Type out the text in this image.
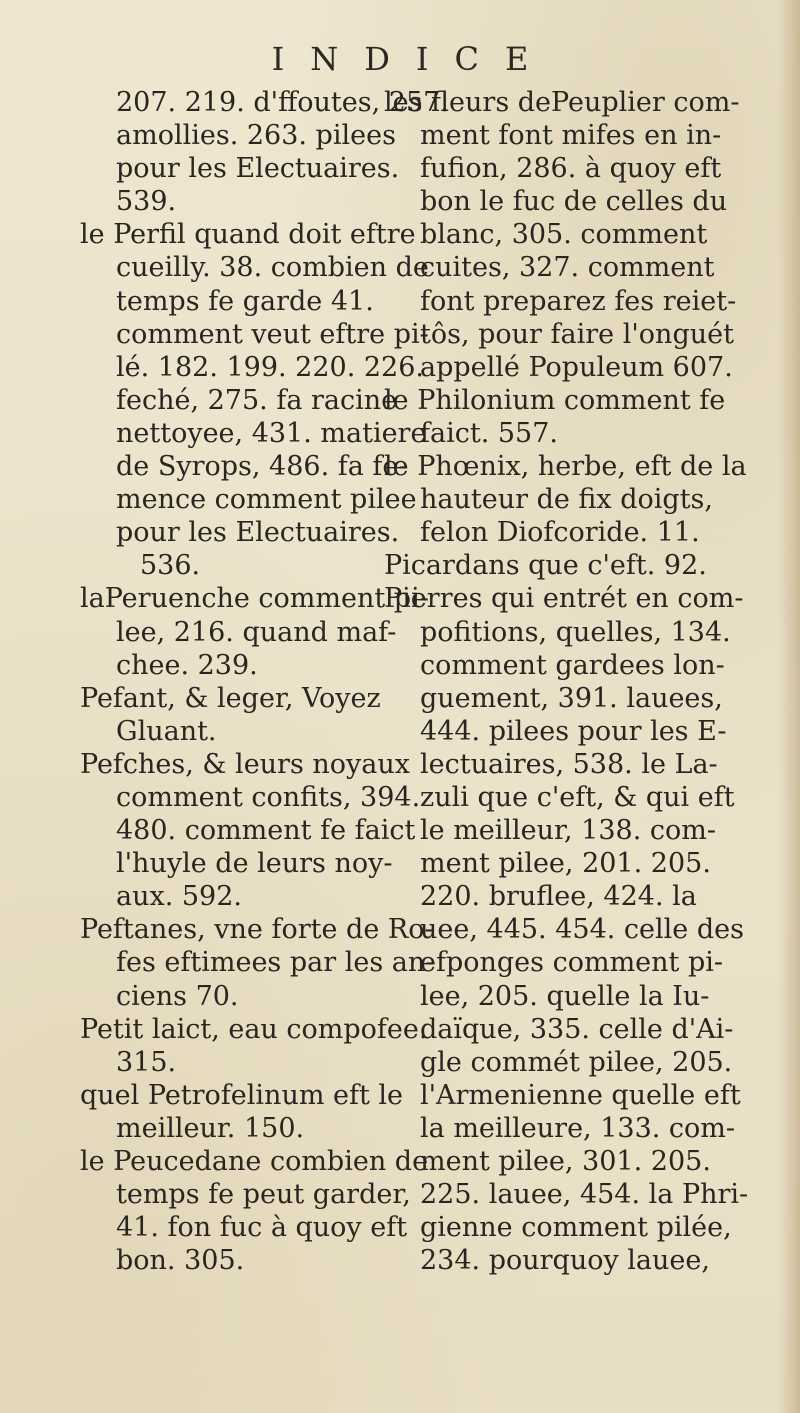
INDICE
207. 219. d'ffoutes, 257.
amollies. 263. pilees
pour les Electuaires.
539.
le Perfil quand doit eftre
cueilly. 38. combien de
temps fe garde 41.
comment veut eftre pi-
lé. 182. 199. 220. 226.
feché, 275. fa racine
nettoyee, 431. matiere
de Syrops, 486. fa fe-
mence comment pilee
pour les Electuaires.
536.
laPeruenche comment pi-
lee, 216. quand maf-
chee. 239.
Pefant, & leger, Voyez
Gluant.
Pefches, & leurs noyaux
comment confits, 394.
480. comment fe faict
l'huyle de leurs noy-
aux. 592.
Peftanes, vne forte de Ro-
fes eftimees par les an-
ciens 70.
Petit laict, eau compofee.
315.
quel Petrofelinum eft le
meilleur. 150.
le Peucedane combien de
temps fe peut garder,
41. fon fuc à quoy eft
bon. 305.
les fleurs dePeuplier com-
ment font mifes en in-
fufion, 286. à quoy eft
bon le fuc de celles du
blanc, 305. comment
cuites, 327. comment
font preparez fes reiet-
tôs, pour faire l'onguét
appellé Populeum 607.
le Philonium comment fe
faict. 557.
le Phœnix, herbe, eft de la
hauteur de fix doigts,
felon Diofcoride. 11.
Picardans que c'eft. 92.
Pierres qui entrét en com-
pofitions, quelles, 134.
comment gardees lon-
guement, 391. lauees,
444. pilees pour les E-
lectuaires, 538. le La-
zuli que c'eft, & qui eft
le meilleur, 138. com-
ment pilee, 201. 205.
220. bruflee, 424. la
uee, 445. 454. celle des
efponges comment pi-
lee, 205. quelle la Iu-
daïque, 335. celle d'Ai-
gle commét pilee, 205.
l'Armenienne quelle eft
la meilleure, 133. com-
ment pilee, 301. 205.
225. lauee, 454. la Phri-
gienne comment pilée,
234. pourquoy lauee,
